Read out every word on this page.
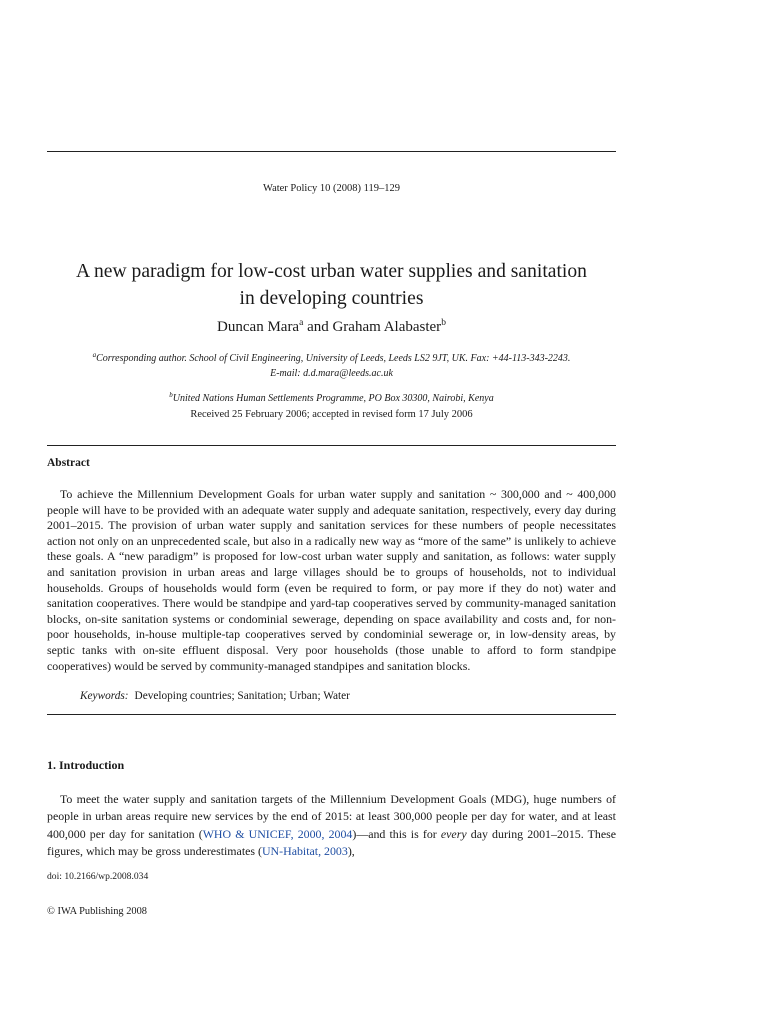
Water Policy 10 (2008) 119–129
A new paradigm for low-cost urban water supplies and sanitation
in developing countries
Duncan Mara$^a$ and Graham Alabaster$^b$
$^a$Corresponding author. School of Civil Engineering, University of Leeds, Leeds LS2 9JT, UK. Fax: +44-113-343-2243.
E-mail: d.d.mara@leeds.ac.uk
$^b$United Nations Human Settlements Programme, PO Box 30300, Nairobi, Kenya
Received 25 February 2006; accepted in revised form 17 July 2006
Abstract

To achieve the Millennium Development Goals for urban water supply and sanitation ~ 300,000 and ~ 400,000 people will have to be provided with an adequate water supply and adequate sanitation, respectively, every day during 2001–2015. The provision of urban water supply and sanitation services for these numbers of people necessitates action not only on an unprecedented scale, but also in a radically new way as “more of the same” is unlikely to achieve these goals. A “new paradigm” is proposed for low-cost urban water supply and sanitation, as follows: water supply and sanitation provision in urban areas and large villages should be to groups of households, not to individual households. Groups of households would form (even be required to form, or pay more if they do not) water and sanitation cooperatives. There would be standpipe and yard-tap cooperatives served by community-managed sanitation blocks, on-site sanitation systems or condominial sewerage, depending on space availability and costs and, for non-poor households, in-house multiple-tap cooperatives served by condominial sewerage or, in low-density areas, by septic tanks with on-site effluent disposal. Very poor households (those unable to afford to form standpipe cooperatives) would be served by community-managed standpipes and sanitation blocks.

Keywords: Developing countries; Sanitation; Urban; Water
1. Introduction

To meet the water supply and sanitation targets of the Millennium Development Goals (MDG), huge numbers of people in urban areas require new services by the end of 2015: at least 300,000 people per day for water, and at least 400,000 per day for sanitation (WHO & UNICEF, 2000, 2004)—and this is for every day during 2001–2015. These figures, which may be gross underestimates (UN-Habitat, 2003),

doi: 10.2166/wp.2008.034
© IWA Publishing 2008
